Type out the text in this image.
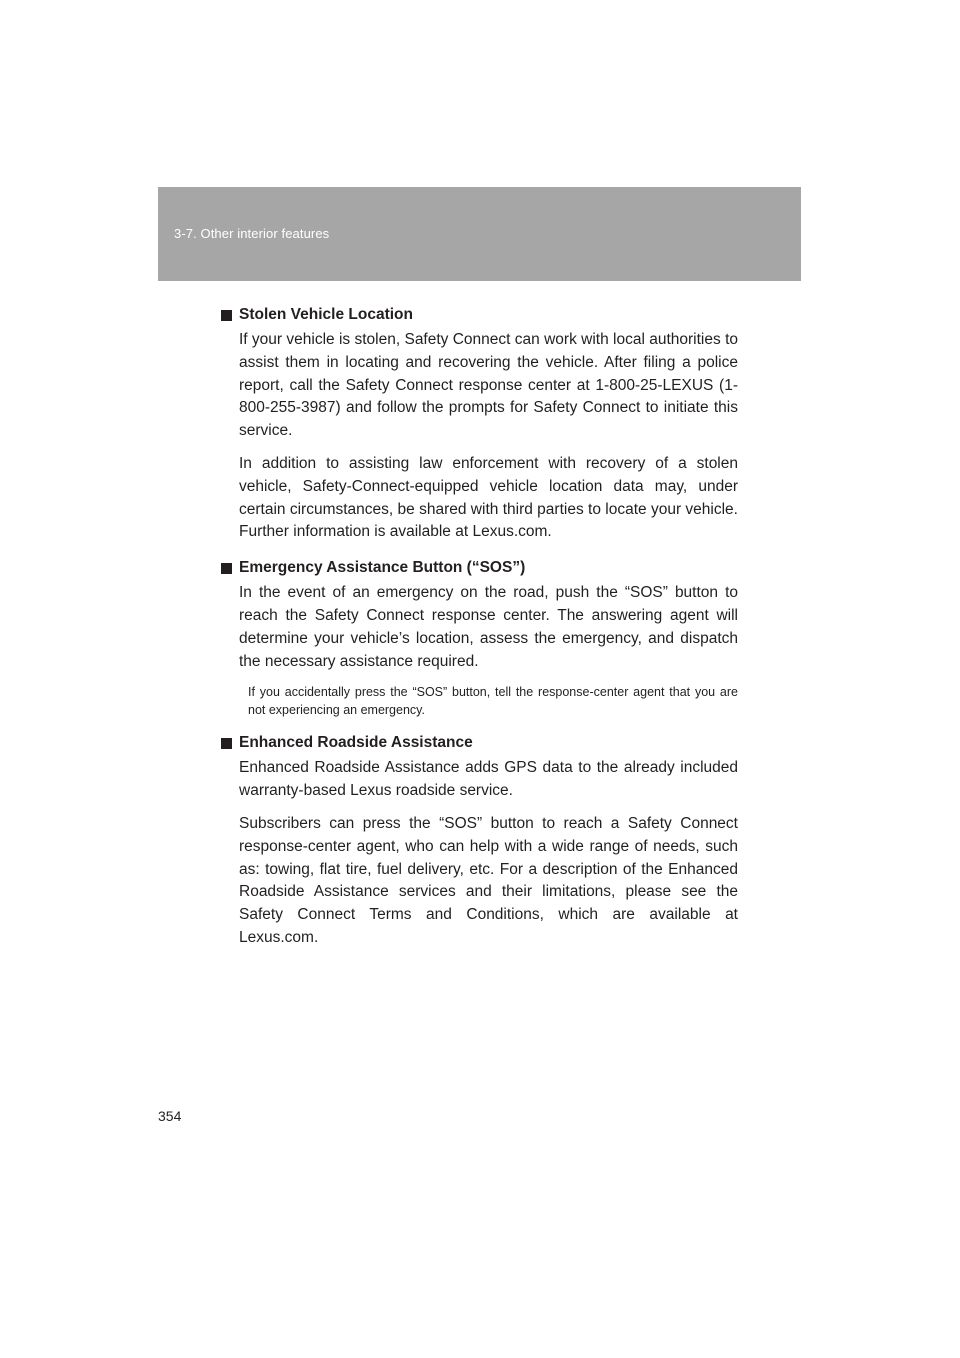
3-7. Other interior features

Stolen Vehicle Location

If your vehicle is stolen, Safety Connect can work with local authorities to assist them in locating and recovering the vehicle. After filing a police report, call the Safety Connect response center at 1-800-25-LEXUS (1-800-255-3987) and follow the prompts for Safety Connect to initiate this service.

In addition to assisting law enforcement with recovery of a stolen vehicle, Safety-Connect-equipped vehicle location data may, under certain circumstances, be shared with third parties to locate your vehicle. Further information is available at Lexus.com.

Emergency Assistance Button (“SOS”)

In the event of an emergency on the road, push the “SOS” button to reach the Safety Connect response center. The answering agent will determine your vehicle’s location, assess the emergency, and dispatch the necessary assistance required.

If you accidentally press the “SOS” button, tell the response-center agent that you are not experiencing an emergency.

Enhanced Roadside Assistance

Enhanced Roadside Assistance adds GPS data to the already included warranty-based Lexus roadside service.

Subscribers can press the “SOS” button to reach a Safety Connect response-center agent, who can help with a wide range of needs, such as: towing, flat tire, fuel delivery, etc. For a description of the Enhanced Roadside Assistance services and their limitations, please see the Safety Connect Terms and Conditions, which are available at Lexus.com.

354
